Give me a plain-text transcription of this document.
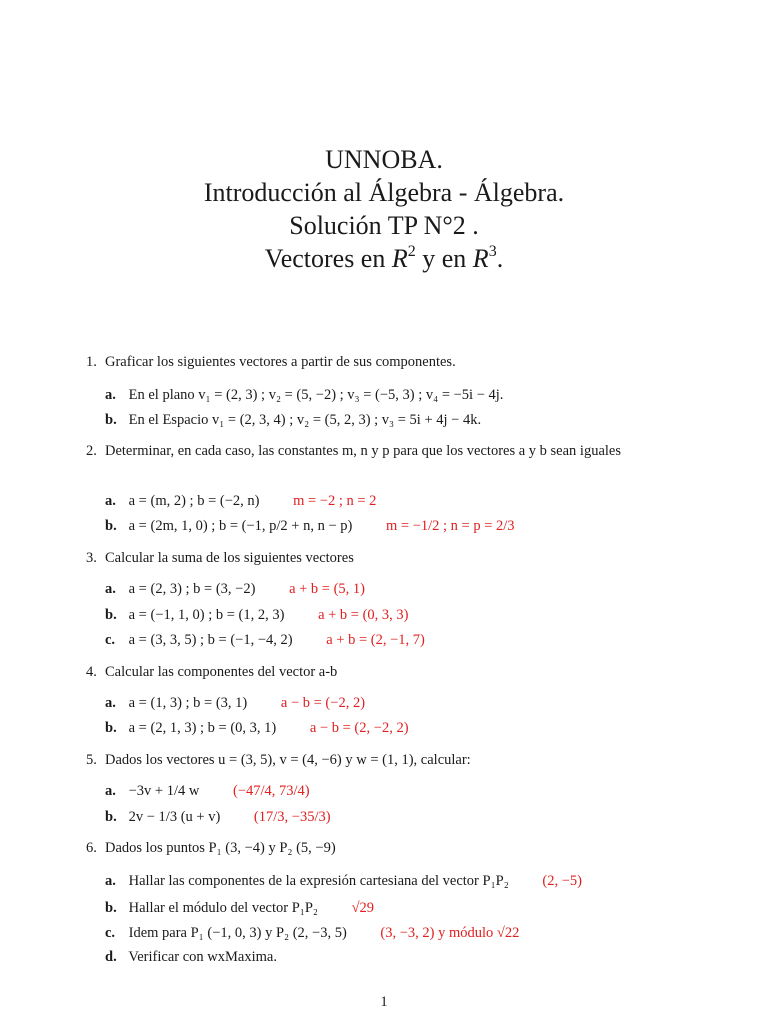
UNNOBA.
Introducción al Álgebra - Álgebra.
Solución TP N°2 .
Vectores en $R^2$ y en $R^3$.
1. Graficar los siguientes vectores a partir de sus componentes.
a. En el plano v₁ = (2, 3) ; v₂ = (5, −2) ; v₃ = (−5, 3) ; v₄ = −5i − 4j.
b. En el Espacio v₁ = (2, 3, 4) ; v₂ = (5, 2, 3) ; v₃ = 5i + 4j − 4k.
2. Determinar, en cada caso, las constantes m, n y p para que los vectores a y b sean iguales
a. a = (m, 2) ; b = (−2, n) m = −2 ; n = 2
b. a = (2m, 1, 0) ; b = (−1, p/2 + n, n − p) m = −1/2 ; n = p = 2/3
3. Calcular la suma de los siguientes vectores
a. a = (2, 3) ; b = (3, −2) a + b = (5, 1)
b. a = (−1, 1, 0) ; b = (1, 2, 3) a + b = (0, 3, 3)
c. a = (3, 3, 5) ; b = (−1, −4, 2) a + b = (2, −1, 7)
4. Calcular las componentes del vector a-b
a. a = (1, 3) ; b = (3, 1) a − b = (−2, 2)
b. a = (2, 1, 3) ; b = (0, 3, 1) a − b = (2, −2, 2)
5. Dados los vectores u = (3, 5), v = (4, −6) y w = (1, 1), calcular:
a. −3v + 1/4 w (−47/4, 73/4)
b. 2v − 1/3 (u + v) (17/3, −35/3)
6. Dados los puntos P₁ (3, −4) y P₂ (5, −9)
a. Hallar las componentes de la expresión cartesiana del vector P₁P₂ (2, −5)
b. Hallar el módulo del vector P₁P₂ √29
c. Idem para P₁ (−1, 0, 3) y P₂ (2, −3, 5) (3, −3, 2) y módulo √22
d. Verificar con wxMaxima.
1
